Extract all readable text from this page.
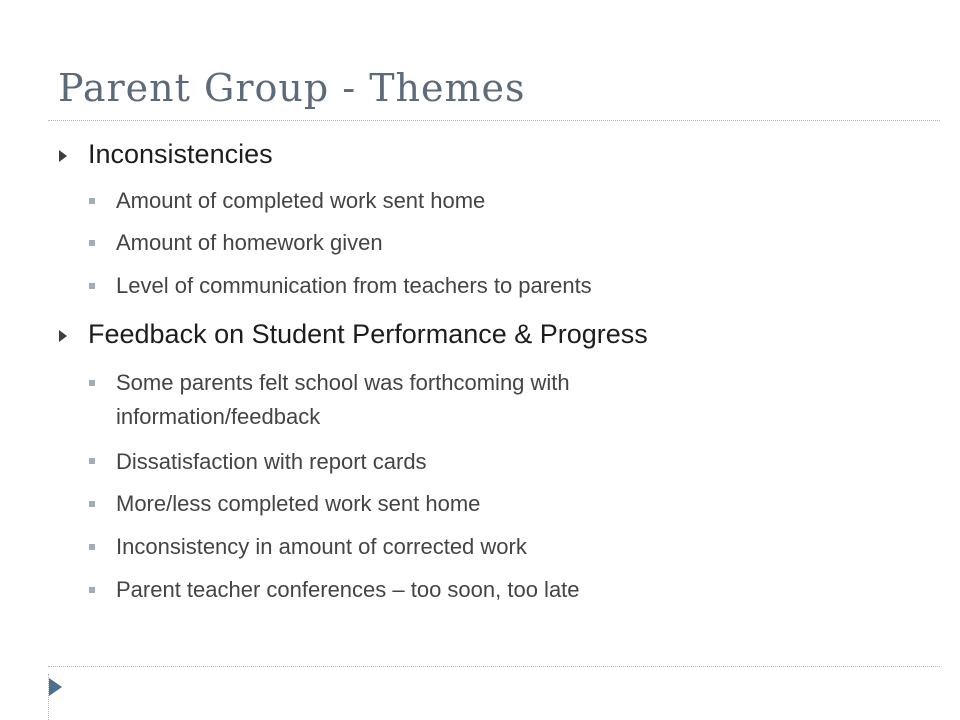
Parent Group - Themes
Inconsistencies
Amount of completed work sent home
Amount of homework given
Level of communication from teachers to parents
Feedback on Student Performance & Progress
Some parents felt school was forthcoming with information/feedback
Dissatisfaction with report cards
More/less completed work sent home
Inconsistency in amount of corrected work
Parent teacher conferences – too soon, too late
